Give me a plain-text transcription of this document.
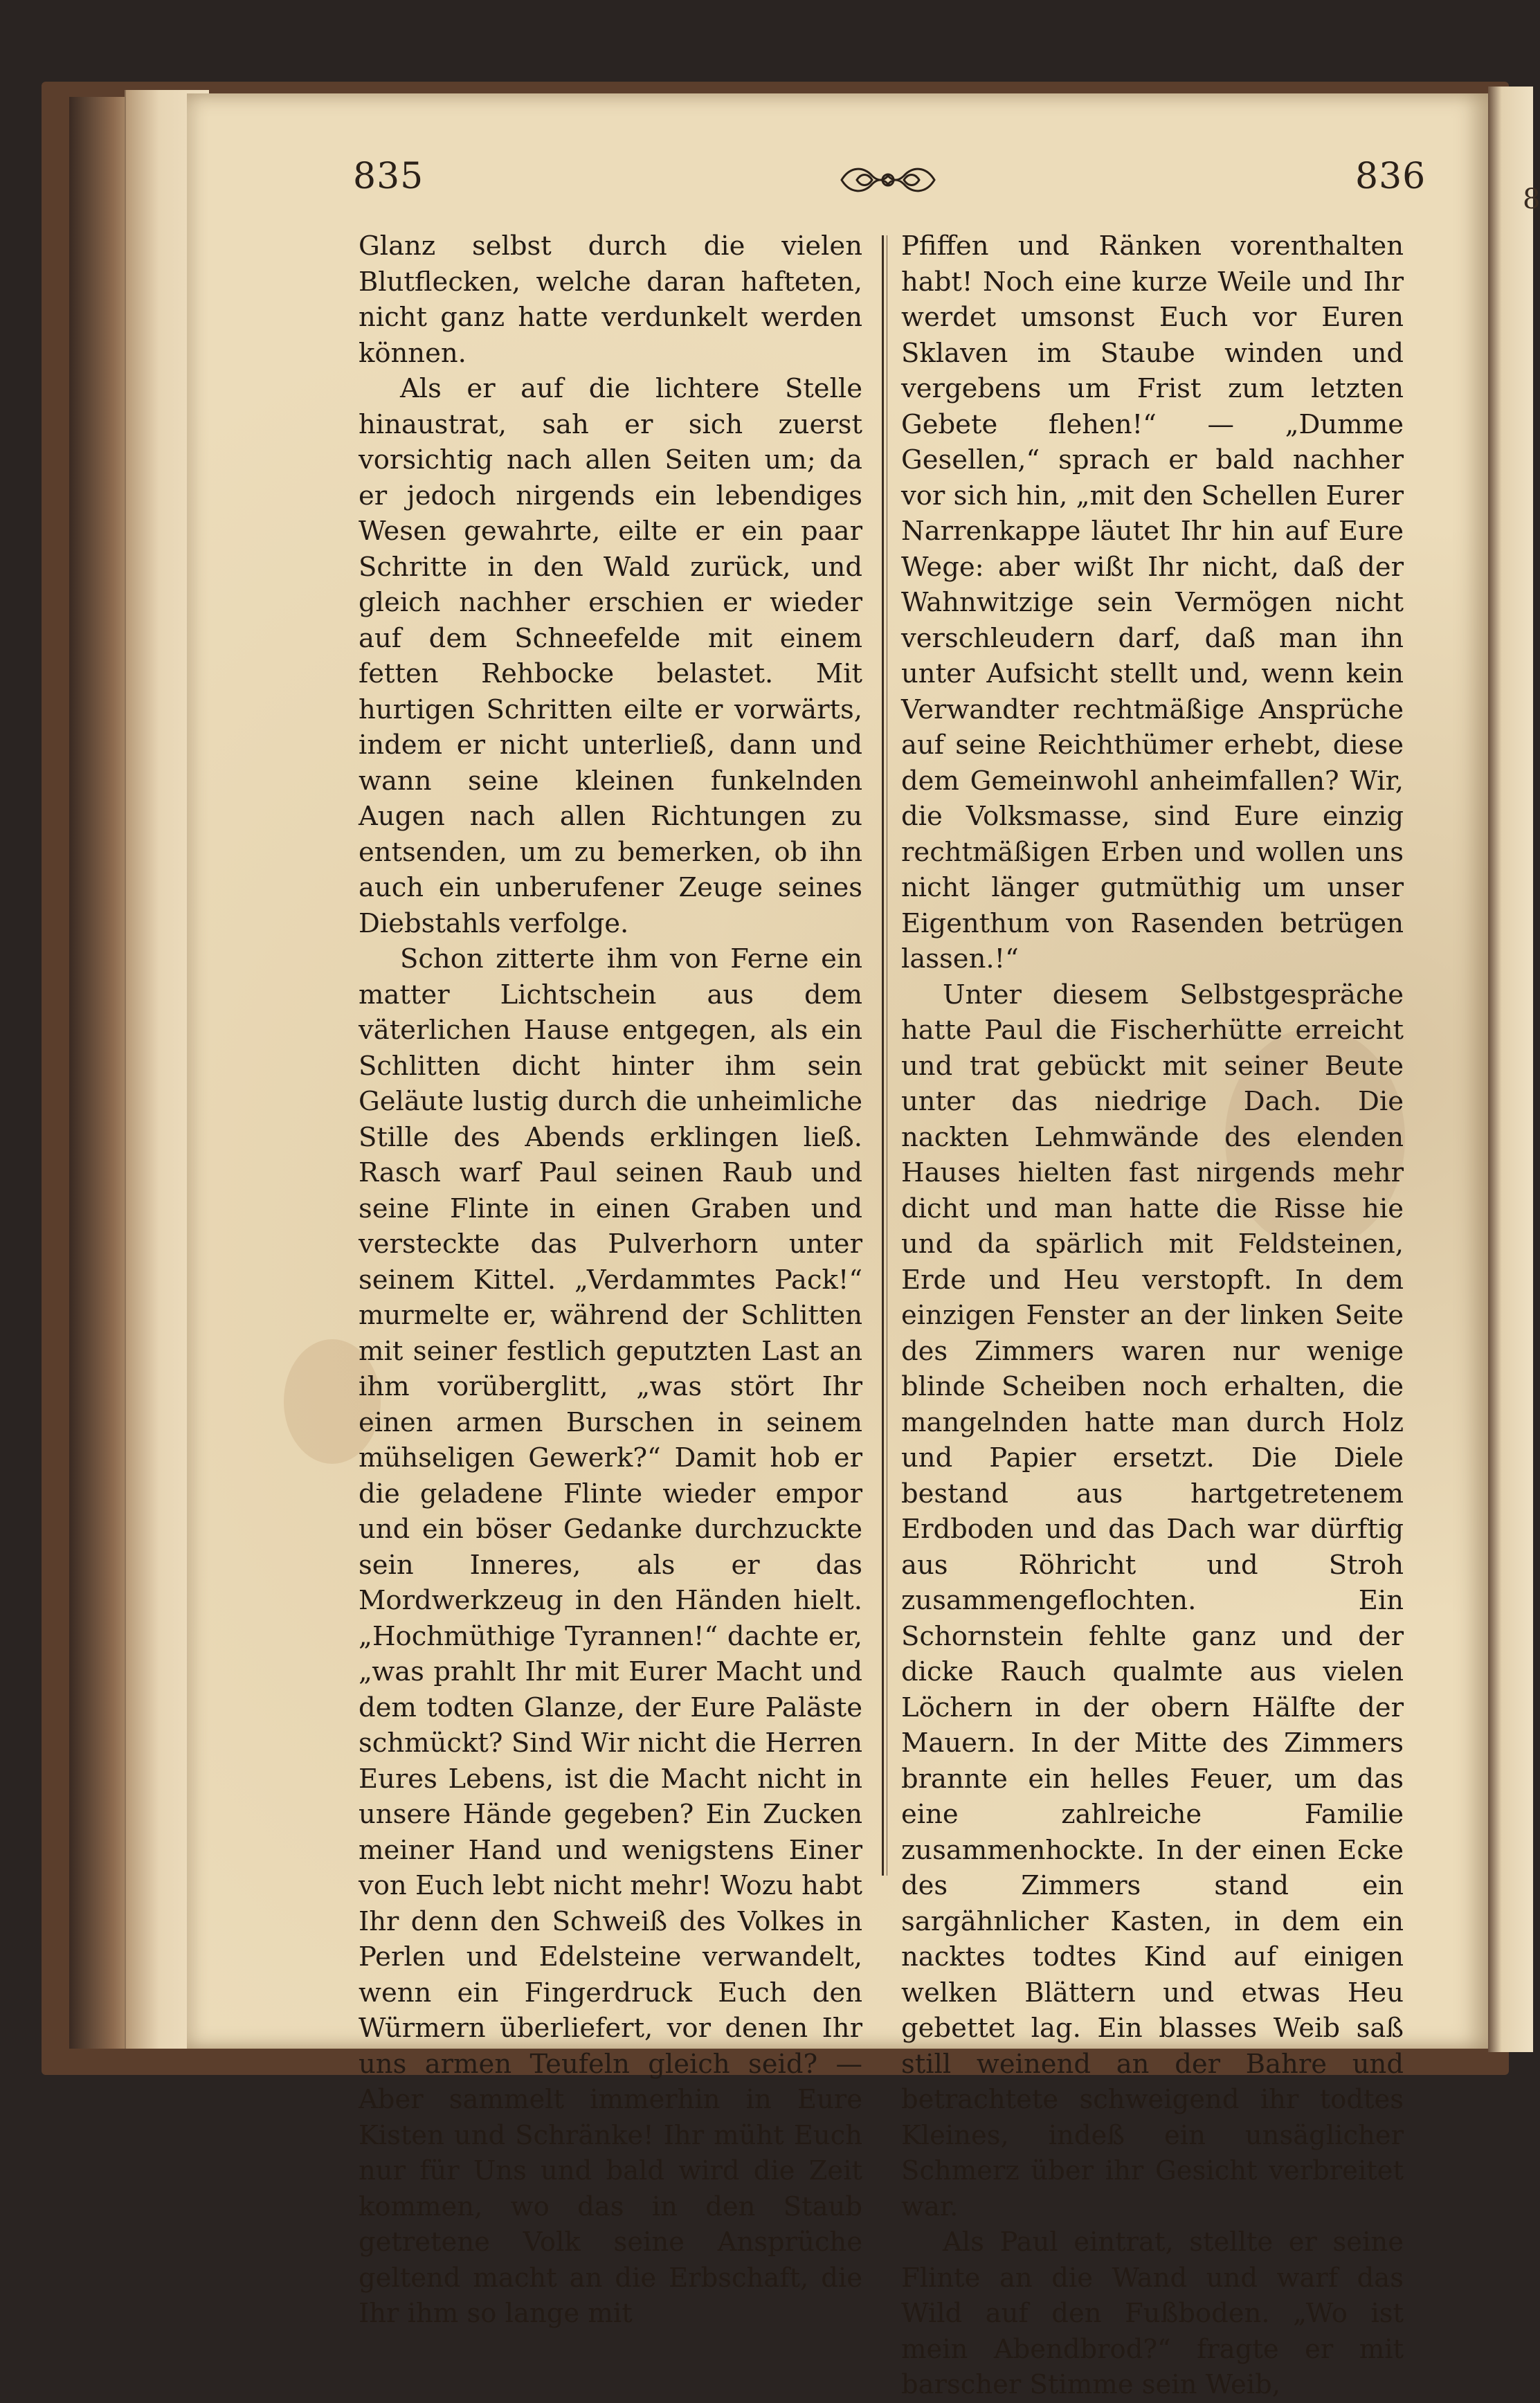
8
835	836

Glanz selbst durch die vielen Blutflecken, welche daran hafteten, nicht ganz hatte verdunkelt werden können.

Als er auf die lichtere Stelle hinaustrat, sah er sich zuerst vorsichtig nach allen Seiten um; da er jedoch nirgends ein lebendiges Wesen gewahrte, eilte er ein paar Schritte in den Wald zurück, und gleich nachher erschien er wieder auf dem Schneefelde mit einem fetten Rehbocke belastet. Mit hurtigen Schritten eilte er vorwärts, indem er nicht unterließ, dann und wann seine kleinen funkelnden Augen nach allen Richtungen zu entsenden, um zu bemerken, ob ihn auch ein unberufener Zeuge seines Diebstahls verfolge.

Schon zitterte ihm von Ferne ein matter Lichtschein aus dem väterlichen Hause entgegen, als ein Schlitten dicht hinter ihm sein Geläute lustig durch die unheimliche Stille des Abends erklingen ließ. Rasch warf Paul seinen Raub und seine Flinte in einen Graben und versteckte das Pulverhorn unter seinem Kittel. „Verdammtes Pack!“ murmelte er, während der Schlitten mit seiner festlich geputzten Last an ihm vorüberglitt, „was stört Ihr einen armen Burschen in seinem mühseligen Gewerk?“ Damit hob er die geladene Flinte wieder empor und ein böser Gedanke durchzuckte sein Inneres, als er das Mordwerkzeug in den Händen hielt. „Hochmüthige Tyrannen!“ dachte er, „was prahlt Ihr mit Eurer Macht und dem todten Glanze, der Eure Paläste schmückt? Sind Wir nicht die Herren Eures Lebens, ist die Macht nicht in unsere Hände gegeben? Ein Zucken meiner Hand und wenigstens Einer von Euch lebt nicht mehr! Wozu habt Ihr denn den Schweiß des Volkes in Perlen und Edelsteine verwandelt, wenn ein Fingerdruck Euch den Würmern überliefert, vor denen Ihr uns armen Teufeln gleich seid? — Aber sammelt immerhin in Eure Kisten und Schränke! Ihr müht Euch nur für Uns und bald wird die Zeit kommen, wo das in den Staub getretene Volk seine Ansprüche geltend macht an die Erbschaft, die Ihr ihm so lange mit

Pfiffen und Ränken vorenthalten habt! Noch eine kurze Weile und Ihr werdet umsonst Euch vor Euren Sklaven im Staube winden und vergebens um Frist zum letzten Gebete flehen!“ — „Dumme Gesellen,“ sprach er bald nachher vor sich hin, „mit den Schellen Eurer Narrenkappe läutet Ihr hin auf Eure Wege: aber wißt Ihr nicht, daß der Wahnwitzige sein Vermögen nicht verschleudern darf, daß man ihn unter Aufsicht stellt und, wenn kein Verwandter rechtmäßige Ansprüche auf seine Reichthümer erhebt, diese dem Gemeinwohl anheimfallen? Wir, die Volksmasse, sind Eure einzig rechtmäßigen Erben und wollen uns nicht länger gutmüthig um unser Eigenthum von Rasenden betrügen lassen.!“

Unter diesem Selbstgespräche hatte Paul die Fischerhütte erreicht und trat gebückt mit seiner Beute unter das niedrige Dach. Die nackten Lehmwände des elenden Hauses hielten fast nirgends mehr dicht und man hatte die Risse hie und da spärlich mit Feldsteinen, Erde und Heu verstopft. In dem einzigen Fenster an der linken Seite des Zimmers waren nur wenige blinde Scheiben noch erhalten, die mangelnden hatte man durch Holz und Papier ersetzt. Die Diele bestand aus hartgetretenem Erdboden und das Dach war dürftig aus Röhricht und Stroh zusammengeflochten. Ein Schornstein fehlte ganz und der dicke Rauch qualmte aus vielen Löchern in der obern Hälfte der Mauern. In der Mitte des Zimmers brannte ein helles Feuer, um das eine zahlreiche Familie zusammenhockte. In der einen Ecke des Zimmers stand ein sargähnlicher Kasten, in dem ein nacktes todtes Kind auf einigen welken Blättern und etwas Heu gebettet lag. Ein blasses Weib saß still weinend an der Bahre und betrachtete schweigend ihr todtes Kleines, indeß ein unsäglicher Schmerz über ihr Gesicht verbreitet war.

Als Paul eintrat, stellte er seine Flinte an die Wand und warf das Wild auf den Fußboden. „Wo ist mein Abendbrod?“ fragte er mit barscher Stimme sein Weib,
